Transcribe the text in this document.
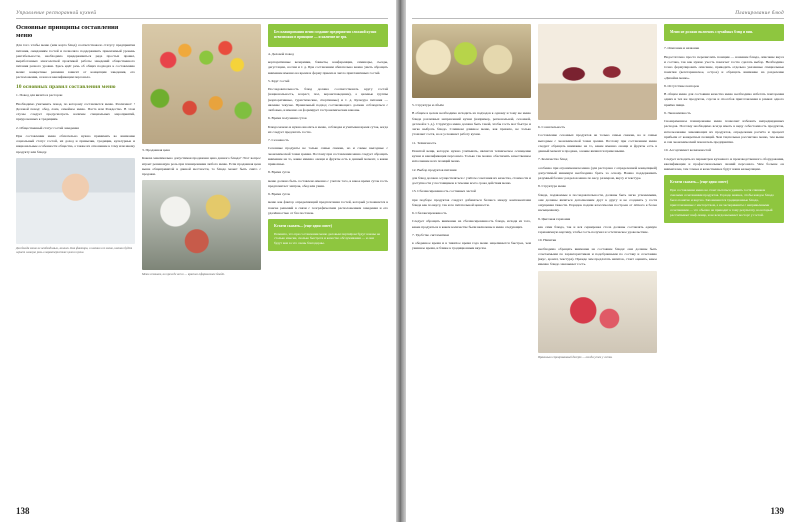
Управление ресторанной кухней
Основные принципы составления меню

Для того чтобы меню (или карта блюд) соответствовало статусу предприятия питания, ожиданиям гостей и позволяло поддерживать приемлемый уровень рентабельности, необходимо придерживаться ряда простых правил, выработанных многолетней практикой работы заведений общественного питания разного уровня. Здесь идёт речь об общих подходах к составлению меню: конкретные решения зависят от концепции заведения, его расположения, сезона и квалификации персонала.

10 основных правил составления меню

1. Повод для визита в ресторан

Необходимо учитывать повод, по которому составляется меню. Различают: • Деловой повод: обед, ланч, семейное меню. Паста или Рождество. В этом случае следует предусмотреть наличие специальных мероприятий, приуроченных к традициям.

2. Общественный статус гостей заведения

При составлении меню обязательно нужно принимать во внимание социальный статус гостей, их доход и привычки, традиции, культурные и национальные особенности общества, а также их отношение к тому или иному продукту или блюду.

Для блюда меню не необходимых, лишних. Как фактора, и именно его меню, именно будет играет главную роль в характеристике целого кухни.

3. Продажная цена

Какова максимально допустимая продажная цена данного блюда? Этот вопрос играет решающую роль при планировании любого меню. Если продажная цена выше общепринятой в данной местности, то блюдо может быть снято с продажи.

Меню сезонное, но прежде всего — красиво оформленное блюдо.
Без планирования меню создание предприятия сложной кухни невозможно в принципе — и наличие не зря.

4. Деловой повод

корпоративные вечеринки, банкеты, конференции, семинары, съезды, дегустации, сессии и т. д. При составлении обязательно важно уметь обращать внимание именно на время и форму приема и число приглашённых гостей.

5. Круг гостей

Последовательность блюд должна соответствовать кругу гостей (национальность, возраст, пол, вероисповедание), а целевые группы (корпоративные, туристические, спортивные) и т. д. Культура питания — явление текучее. Правильный подход составляющего должен соблюдаться с любовью, и именно он формирует гастрономические каноны.

6. Время получения суток

Блюда можно и нужно вносить в меню, соблюдая и учитывая время суток, когда их следует предлагать гостю.

7. Сезонность

Сезонные продукты не только самые свежие, но и самые выгодные с экономической точки зрения. Поэтому при составлении меню следует обращать внимание на то, какие именно овощи и фрукты есть в данный момент, а какие привозные.

8. Время суток

меню должно быть составлено именно с учетом того, в какое время суток гость предпочитает завтрак, обед или ужин.

9. Время суток

меню как фактор определяющий предпочтения гостей, который усложняется в поиске решений в связи с географическим расположением заведения и его удалённостью от баз поставок.

Кстати сказать... (еще один совет)
Помните, что при составлении меню деловым партнёрам будут важны не столько изыски, сколько быстрота и качество обслуживания — и они будут вам за это очень благодарны.
138
Планирование блюд

5. Структура и объём

В общем в целом необходимо исходить из подходов к одному и тому же меню блюда различных направлений кухни (например, региональной, сезонной, детской и т. д.). Структура меню должна быть такой, чтобы гость мог быстро и легко выбрать блюдо. Слишком длинное меню, как правило, не только утомляет гостя, но и усложняет работу кухни.

11. Техничность

Понятой вещи, которую нужно учитывать, является техническое оснащение кухни и квалификация персонала. Только так можно обеспечить качественное исполнение всех позиций меню.

12. Выбор продуктов питания

для блюд должен осуществляться с учётом сочетания их качества, стоимости и доступности у поставщиков в течение всего срока действия меню.

13. Сбалансированность составных частей

при подборе продуктов следует добиваться баланса между компонентами блюда как по вкусу, так и по питательной ценности.

6. Сбалансированность

Следует обращать внимание на сбалансированность блюда, исходя из того, какие продукты и в каком количестве были включены в меню следующих.

7. Удобство систематики

в обеденное время и в тяжёлое время года меню нацеливается быстрее, чем ужинное время, и ближе к традиционным вкусам.

6. Сознательность

Составление сезонных продуктов не только самые свежие, но и самые выгодные с экономической точки зрения. Поэтому при составлении меню следует обращать внимание на то, какие именно овощи и фрукты есть в данный момент в продаже, а какие являются привозными.

7. Количество блюд

особенно при ограниченном меню (для ресторана с определенной концепцией) допустимый минимум необходимо брать за основу. Важно поддерживать разумный баланс разделов меню по весу, размерам, вкусу и текстуре.

8. Структура меню

блюда, подаваемые в последовательности, должны быть легко усвояемыми, они должны являться дополнением друг к другу и не создавать у гостя ощущения тяжести. Порядок подачи классически построен от лёгкого к более насыщенному.

9. Цветовая гармония

как сами блюда, так и вся сервировка стола должны составлять единую гармоничную картину, чтобы гость получил и эстетическое удовольствие.

10. Напитки

необходимо обращать внимание на состояние блюда: они должны быть сочетаемыми по характеристикам и подобранными по составу и сочетанию (вкус, аромат, текстура). Прежде чем предлагать напиток, стоит оценить, какое именно блюдо заказывает гость.

Правильно сервированный десерт — всегда успех у гостя.
Меню не должно включать случайных блюд и вин.

7. Описание и название

Недостаточно просто перечислить позиции — название блюда, описание вкуса и состава, так как нужно учесть помогает гостю сделать выбор. Необходимо точно формулировать описание, приводить отдельно указанные специальные пометки (вегетарианское, острое) и обращать внимание на разделение «Дизайна меню».

8. Отсутствие повторов

В общем меню для состояния качества меню необходимо избегать повторения одних и тех же продуктов, соусов и способов приготовления в рамках одного приёма пищи.

9. Экономичность

Своевременное планирование меню позволяет избежать непредвиденных расходов. Поэтому необходимо всегда иметь в виду себестоимость продуктов, использование заменяющих их продуктов, определение расчёта и процент прибыли от конкретных позиций. Чем тщательнее рассчитано меню, тем выше и сам экономический показатель предприятия.

10. Ассортимент возможностей

Следует исходить из параметров кухонного и производственного оборудования, квалификации и профессиональных знаний персонала. Чем больше он внимателен, тем точнее и качественнее будут ваши калькуляции.

Кстати сказать... (еще один совет)
При составлении меню не стоит пытаться удивить гостя слишком смелыми сочетаниями продуктов. Гораздо важнее, чтобы каждое блюдо было понятно и вкусно. Запоминаются традиционные блюда, приготовленные с мастерством, а не эксперименты с непривычными сочетаниями — это обычно не приводит к тому результату, на который рассчитывает шеф-повар, и не всегда вызывает восторг у гостей.
139
